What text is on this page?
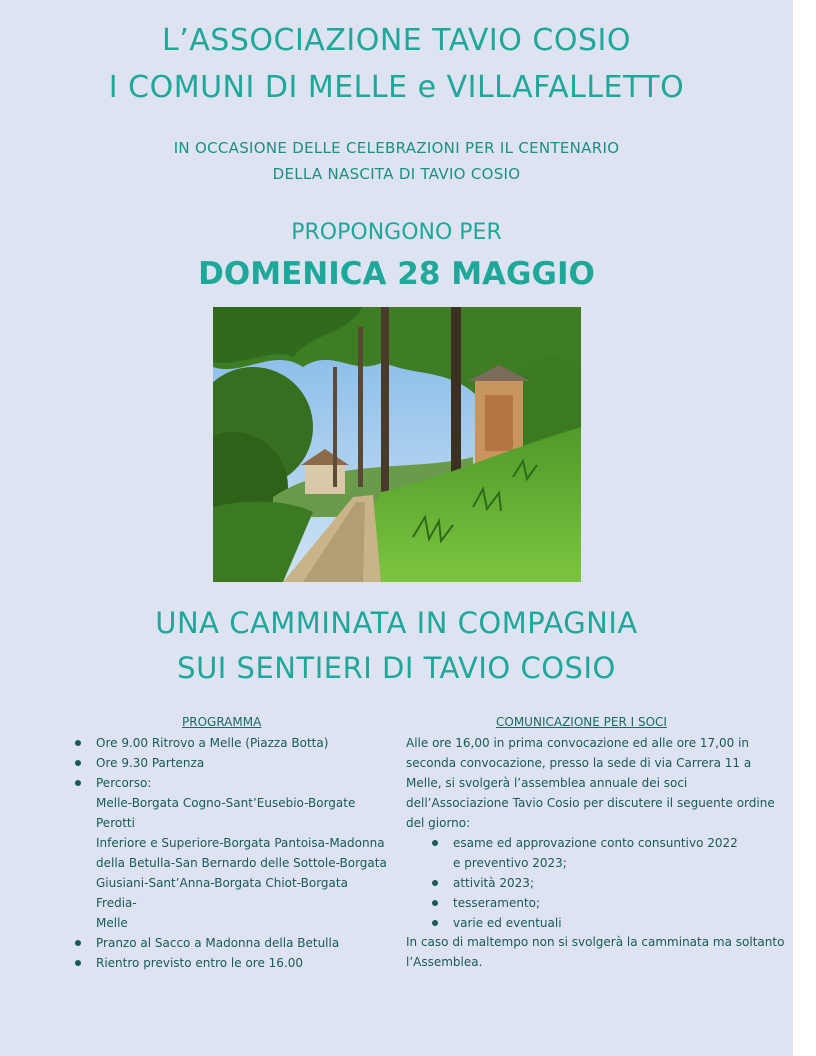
L’ASSOCIAZIONE TAVIO COSIO
I COMUNI DI MELLE e VILLAFALLETTO
IN OCCASIONE DELLE CELEBRAZIONI PER IL CENTENARIO
DELLA NASCITA DI TAVIO COSIO
PROPONGONO PER
DOMENICA 28 MAGGIO
UNA CAMMINATA IN COMPAGNIA
SUI SENTIERI DI TAVIO COSIO
PROGRAMMA
Ore 9.00 Ritrovo a Melle (Piazza Botta)
Ore 9.30 Partenza
Percorso:
Melle-Borgata Cogno-Sant’Eusebio-Borgate Perotti
Inferiore e Superiore-Borgata Pantoisa-Madonna
della Betulla-San Bernardo delle Sottole-Borgata
Giusiani-Sant’Anna-Borgata Chiot-Borgata Fredia-
Melle
Pranzo al Sacco a Madonna della Betulla
Rientro previsto entro le ore 16.00
COMUNICAZIONE PER I SOCI
Alle ore 16,00 in prima convocazione ed alle ore 17,00 in
seconda convocazione, presso la sede di via Carrera 11 a
Melle, si svolgerà l’assemblea annuale dei soci
dell’Associazione Tavio Cosio per discutere il seguente ordine
del giorno:
esame ed approvazione conto consuntivo 2022
e preventivo 2023;
attività 2023;
tesseramento;
varie ed eventuali
In caso di maltempo non si svolgerà la camminata ma soltanto
l’Assemblea.
